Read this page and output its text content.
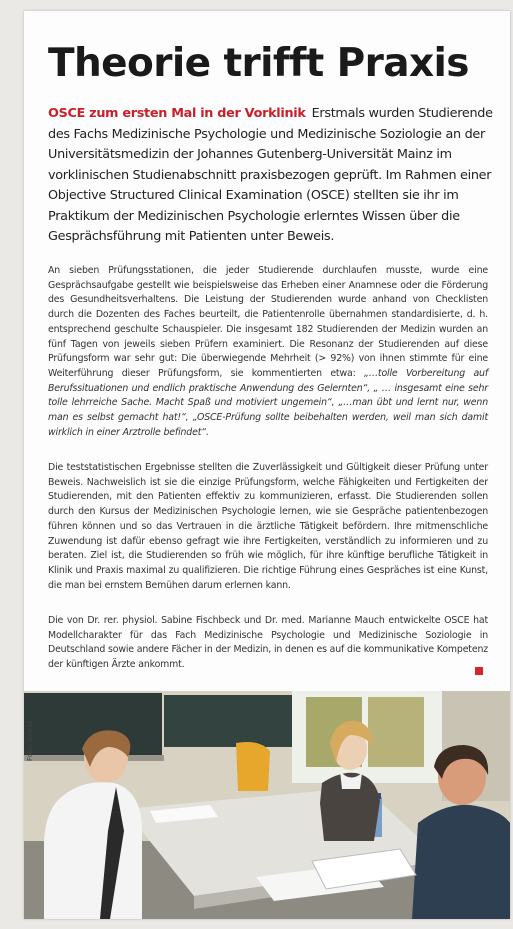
Theorie trifft Praxis

OSCE zum ersten Mal in der Vorklinik Erstmals wurden Studierende des Fachs Medizinische Psychologie und Medizinische Soziologie an der Universitätsmedizin der Johannes Gutenberg-Universität Mainz im vorklinischen Studienabschnitt praxisbezogen geprüft. Im Rahmen einer Objective Structured Clinical Examination (OSCE) stellten sie ihr im Praktikum der Medizinischen Psychologie erlerntes Wissen über die Gesprächsführung mit Patienten unter Beweis.

An sieben Prüfungsstationen, die jeder Studierende durchlaufen musste, wurde eine Gesprächsaufgabe gestellt wie beispielsweise das Erheben einer Anamnese oder die Förderung des Gesundheitsverhaltens. Die Leistung der Studierenden wurde anhand von Checklisten durch die Dozenten des Faches beurteilt, die Patientenrolle übernahmen standardisierte, d. h. entsprechend geschulte Schauspieler. Die insgesamt 182 Studierenden der Medizin wurden an fünf Tagen von jeweils sieben Prüfern examiniert. Die Resonanz der Studierenden auf diese Prüfungsform war sehr gut: Die überwiegende Mehrheit (> 92%) von ihnen stimmte für eine Weiterführung dieser Prüfungsform, sie kommentierten etwa: „…tolle Vorbereitung auf Berufssituationen und endlich praktische Anwendung des Gelernten“, „ … insgesamt eine sehr tolle lehrreiche Sache. Macht Spaß und motiviert ungemein“, „…man übt und lernt nur, wenn man es selbst gemacht hat!“, „OSCE-Prüfung sollte beibehalten werden, weil man sich damit wirklich in einer Arztrolle befindet“.

Die teststatistischen Ergebnisse stellten die Zuverlässigkeit und Gültigkeit dieser Prüfung unter Beweis. Nachweislich ist sie die einzige Prüfungsform, welche Fähigkeiten und Fertigkeiten der Studierenden, mit den Patienten effektiv zu kommunizieren, erfasst. Die Studierenden sollen durch den Kursus der Medizinischen Psychologie lernen, wie sie Gespräche patientenbezogen führen können und so das Vertrauen in die ärztliche Tätigkeit befördern. Ihre mitmenschliche Zuwendung ist dafür ebenso gefragt wie ihre Fertigkeiten, verständlich zu informieren und zu beraten. Ziel ist, die Studierenden so früh wie möglich, für ihre künftige berufliche Tätigkeit in Klinik und Praxis maximal zu qualifizieren. Die richtige Führung eines Gespräches ist eine Kunst, die man bei ernstem Bemühen darum erlernen kann.

Die von Dr. rer. physiol. Sabine Fischbeck und Dr. med. Marianne Mauch entwickelte OSCE hat Modellcharakter für das Fach Medizinische Psychologie und Medizinische Soziologie in Deutschland sowie andere Fächer in der Medizin, in denen es auf die kommunikative Kompetenz der künftigen Ärzte ankommt.

Foto: privat
